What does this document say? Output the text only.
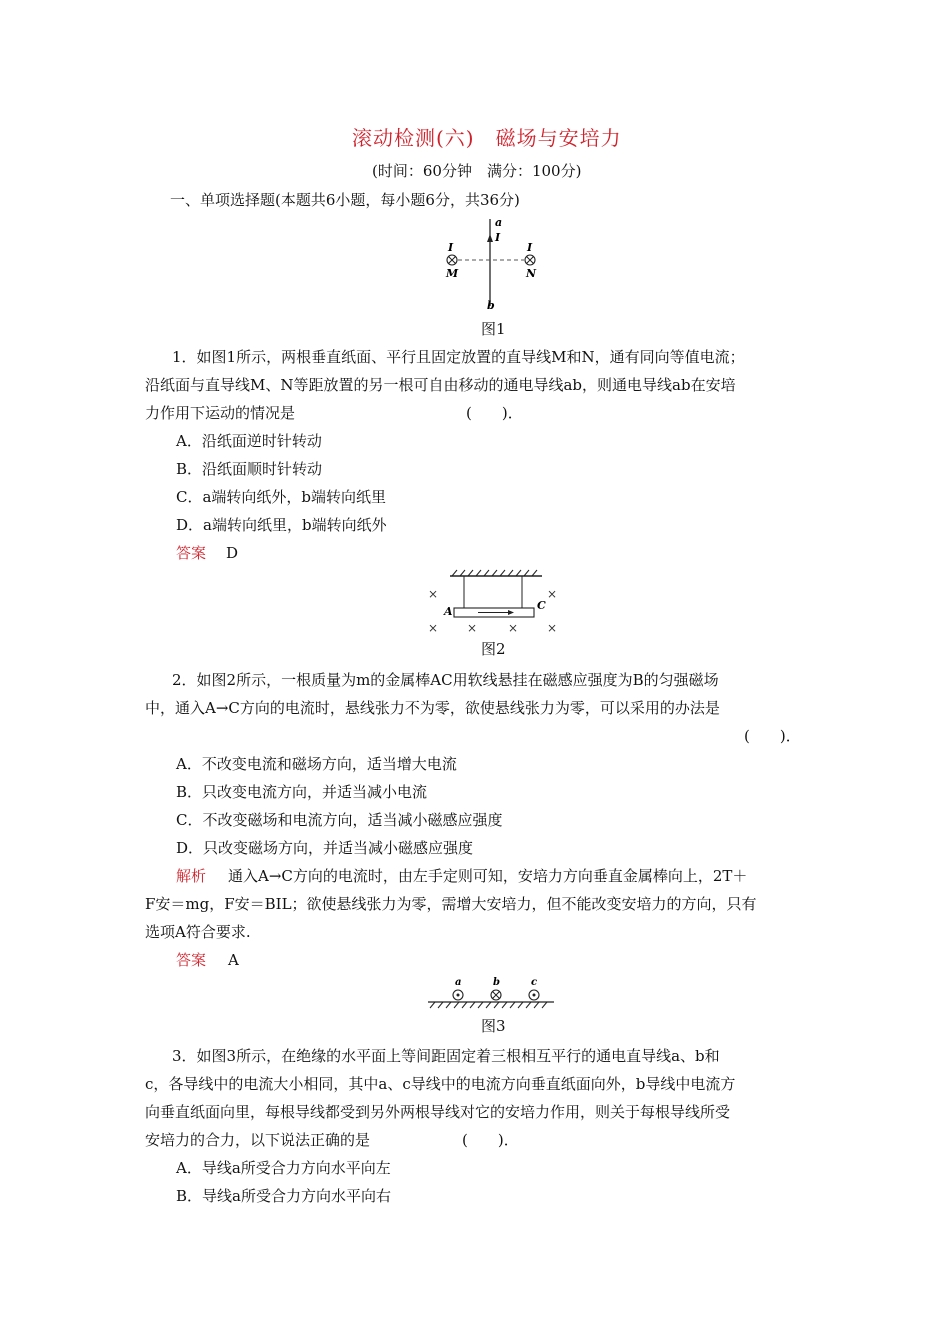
滚动检测(六)　磁场与安培力
(时间：60分钟　满分：100分)
一、单项选择题(本题共6小题，每小题6分，共36分)
a
I
I
M
I
N
b
图1
1．如图1所示，两根垂直纸面、平行且固定放置的直导线M和N，通有同向等值电流；
沿纸面与直导线M、N等距放置的另一根可自由移动的通电导线ab，则通电导线ab在安培
力作用下运动的情况是	(　　)．
A．沿纸面逆时针转动
B．沿纸面顺时针转动
C．a端转向纸外，b端转向纸里
D．a端转向纸里，b端转向纸外
答案 D
×	×
× ×	× ×
A	C
图2
2．如图2所示，一根质量为m的金属棒AC用软线悬挂在磁感应强度为B的匀强磁场
中，通入A→C方向的电流时，悬线张力不为零，欲使悬线张力为零，可以采用的办法是
(　　)．
A．不改变电流和磁场方向，适当增大电流
B．只改变电流方向，并适当减小电流
C．不改变磁场和电流方向，适当减小磁感应强度
D．只改变磁场方向，并适当减小磁感应强度
解析 通入A→C方向的电流时，由左手定则可知，安培力方向垂直金属棒向上，2T＋
F安＝mg，F安＝BIL；欲使悬线张力为零，需增大安培力，但不能改变安培力的方向，只有
选项A符合要求.
答案 A
a	b	c
图3
3．如图3所示，在绝缘的水平面上等间距固定着三根相互平行的通电直导线a、b和
c，各导线中的电流大小相同，其中a、c导线中的电流方向垂直纸面向外，b导线中电流方
向垂直纸面向里，每根导线都受到另外两根导线对它的安培力作用，则关于每根导线所受
安培力的合力，以下说法正确的是	(　　)．
A．导线a所受合力方向水平向左
B．导线a所受合力方向水平向右
